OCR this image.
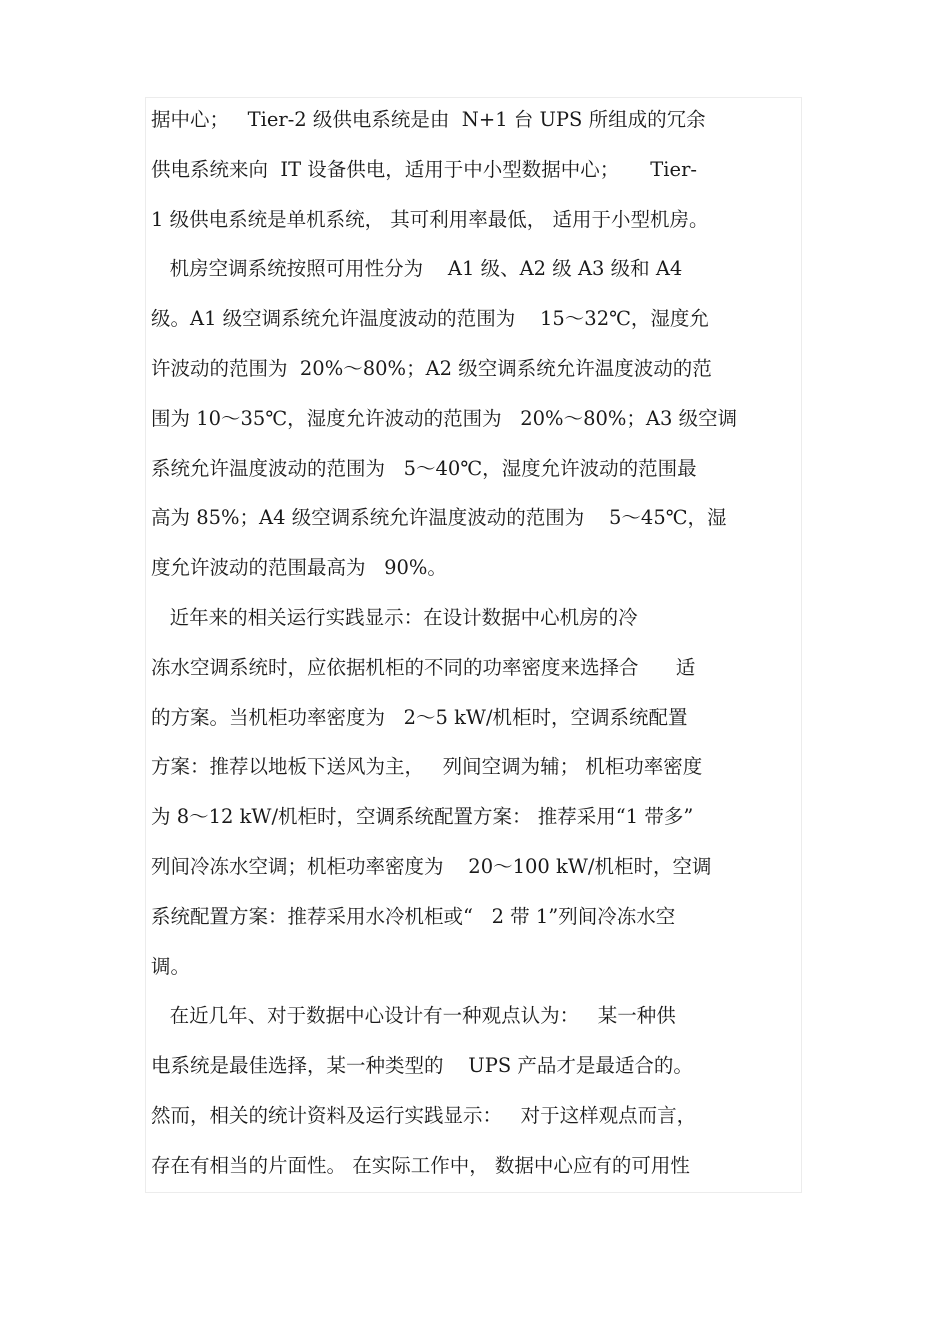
据中心；   Tier-2 级供电系统是由  N+1 台 UPS 所组成的冗余
供电系统来向  IT 设备供电，适用于中小型数据中心；     Tier-
1 级供电系统是单机系统， 其可利用率最低， 适用于小型机房。
机房空调系统按照可用性分为    A1 级、A2 级 A3 级和 A4
级。A1 级空调系统允许温度波动的范围为    15～32℃，湿度允
许波动的范围为  20%～80%；A2 级空调系统允许温度波动的范
围为 10～35℃，湿度允许波动的范围为   20%～80%；A3 级空调
系统允许温度波动的范围为   5～40℃，湿度允许波动的范围最
高为 85%；A4 级空调系统允许温度波动的范围为    5～45℃，湿
度允许波动的范围最高为   90%。
近年来的相关运行实践显示：在设计数据中心机房的冷
冻水空调系统时，应依据机柜的不同的功率密度来选择合      适
的方案。当机柜功率密度为   2～5 kW/机柜时，空调系统配置
方案：推荐以地板下送风为主，   列间空调为辅； 机柜功率密度
为 8～12 kW/机柜时，空调系统配置方案： 推荐采用“1 带多”
列间冷冻水空调；机柜功率密度为    20～100 kW/机柜时，空调
系统配置方案：推荐采用水冷机柜或“   2 带 1”列间冷冻水空
调。
在近几年、对于数据中心设计有一种观点认为：   某一种供
电系统是最佳选择，某一种类型的    UPS 产品才是最适合的。
然而，相关的统计资料及运行实践显示：   对于这样观点而言，
存在有相当的片面性。 在实际工作中， 数据中心应有的可用性
